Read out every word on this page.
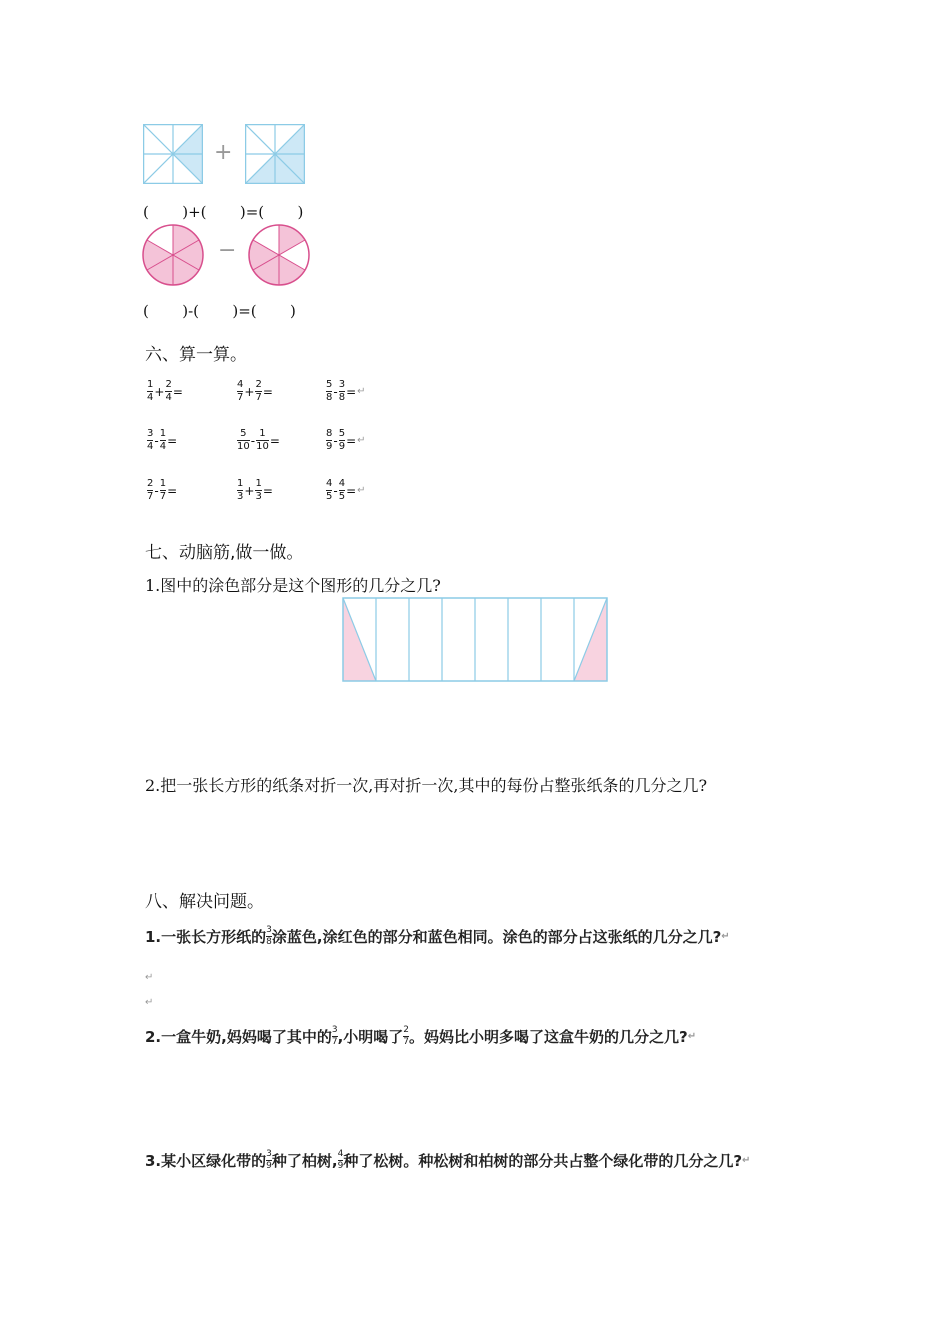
+
(       )+(       )=(       )
−
(       )-(       )=(       )
六、算一算。
$\frac{1}{4} + \frac{2}{4}$ =	$\frac{4}{7} + \frac{2}{7}$ =	$\frac{5}{8} - \frac{3}{8}$ = ↵
$\frac{3}{4} - \frac{1}{4}$ =	$\frac{5}{10} - \frac{1}{10}$ =	$\frac{8}{9} - \frac{5}{9}$ = ↵
$\frac{2}{7} - \frac{1}{7}$ =	$\frac{1}{3} + \frac{1}{3}$ =	$\frac{4}{5} - \frac{4}{5}$ = ↵
七、动脑筋,做一做。
1.图中的涂色部分是这个图形的几分之几?
2.把一张长方形的纸条对折一次,再对折一次,其中的每份占整张纸条的几分之几?
八、解决问题。
1.一张长方形纸的 $\frac{3}{8}$ 涂蓝色,涂红色的部分和蓝色相同。涂色的部分占这张纸的几分之几? ↵
↵
↵
2.一盒牛奶,妈妈喝了其中的 $\frac{3}{7}$ ,小明喝了 $\frac{2}{7}$ 。妈妈比小明多喝了这盒牛奶的几分之几? ↵
3.某小区绿化带的 $\frac{3}{9}$ 种了柏树, $\frac{4}{9}$ 种了松树。种松树和柏树的部分共占整个绿化带的几分之几? ↵
